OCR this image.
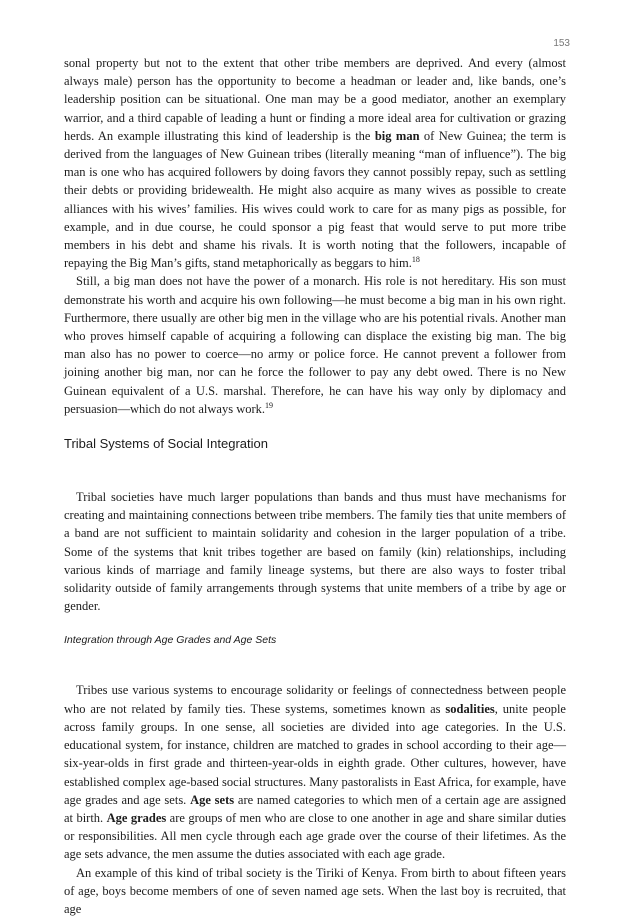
153

sonal property but not to the extent that other tribe members are deprived. And every (almost always male) person has the opportunity to become a headman or leader and, like bands, one’s leadership position can be situational. One man may be a good mediator, another an exemplary warrior, and a third capable of leading a hunt or finding a more ideal area for cultivation or grazing herds. An example illustrating this kind of leadership is the big man of New Guinea; the term is derived from the languages of New Guinean tribes (literally meaning “man of influence”). The big man is one who has acquired followers by doing favors they cannot possibly repay, such as settling their debts or providing bridewealth. He might also acquire as many wives as possible to create alliances with his wives’ families. His wives could work to care for as many pigs as possible, for example, and in due course, he could sponsor a pig feast that would serve to put more tribe members in his debt and shame his rivals. It is worth noting that the followers, incapable of repaying the Big Man’s gifts, stand metaphorically as beggars to him.$^{18}$

Still, a big man does not have the power of a monarch. His role is not hereditary. His son must demonstrate his worth and acquire his own following—he must become a big man in his own right. Furthermore, there usually are other big men in the village who are his potential rivals. Another man who proves himself capable of acquiring a following can displace the existing big man. The big man also has no power to coerce—no army or police force. He cannot prevent a follower from joining another big man, nor can he force the follower to pay any debt owed. There is no New Guinean equivalent of a U.S. marshal. Therefore, he can have his way only by diplomacy and persuasion—which do not always work.$^{19}$

Tribal Systems of Social Integration

Tribal societies have much larger populations than bands and thus must have mechanisms for creating and maintaining connections between tribe members. The family ties that unite members of a band are not sufficient to maintain solidarity and cohesion in the larger population of a tribe. Some of the systems that knit tribes together are based on family (kin) relationships, including various kinds of marriage and family lineage systems, but there are also ways to foster tribal solidarity outside of family arrangements through systems that unite members of a tribe by age or gender.

Integration through Age Grades and Age Sets

Tribes use various systems to encourage solidarity or feelings of connectedness between people who are not related by family ties. These systems, sometimes known as sodalities, unite people across family groups. In one sense, all societies are divided into age categories. In the U.S. educational system, for instance, children are matched to grades in school according to their age—six-year-olds in first grade and thirteen-year-olds in eighth grade. Other cultures, however, have established complex age-based social structures. Many pastoralists in East Africa, for example, have age grades and age sets. Age sets are named categories to which men of a certain age are assigned at birth. Age grades are groups of men who are close to one another in age and share similar duties or responsibilities. All men cycle through each age grade over the course of their lifetimes. As the age sets advance, the men assume the duties associated with each age grade.

An example of this kind of tribal society is the Tiriki of Kenya. From birth to about fifteen years of age, boys become members of one of seven named age sets. When the last boy is recruited, that age
